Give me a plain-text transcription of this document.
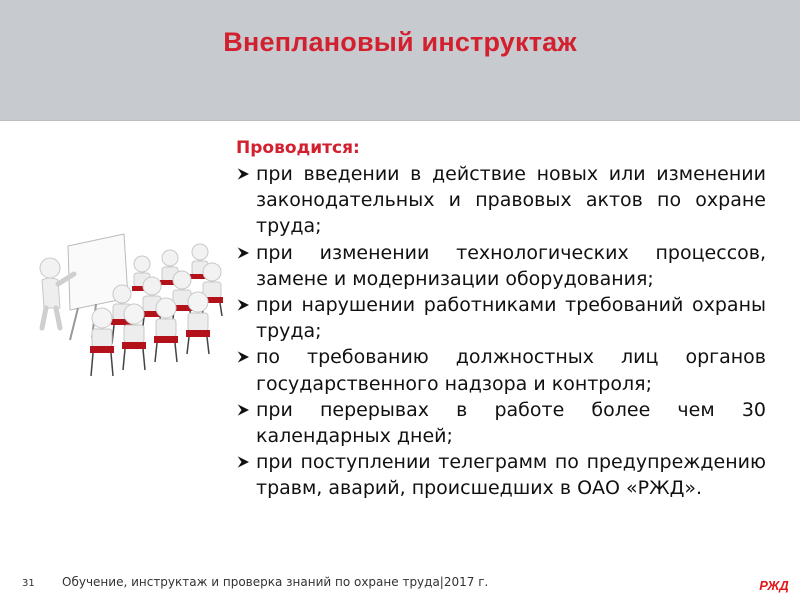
Внеплановый инструктаж
Проводится:
при введении в действие новых или изменении законодательных и правовых актов по охране труда;
при изменении технологических процессов, замене и модернизации оборудования;
при нарушении работниками требований охраны труда;
по требованию должностных лиц органов государственного надзора и контроля;
при перерывах в работе более чем 30 календарных дней;
при поступлении телеграмм по предупреждению травм, аварий, происшедших в ОАО «РЖД».
31 Обучение, инструктаж и проверка знаний по охране труда|2017 г.	РЖД
